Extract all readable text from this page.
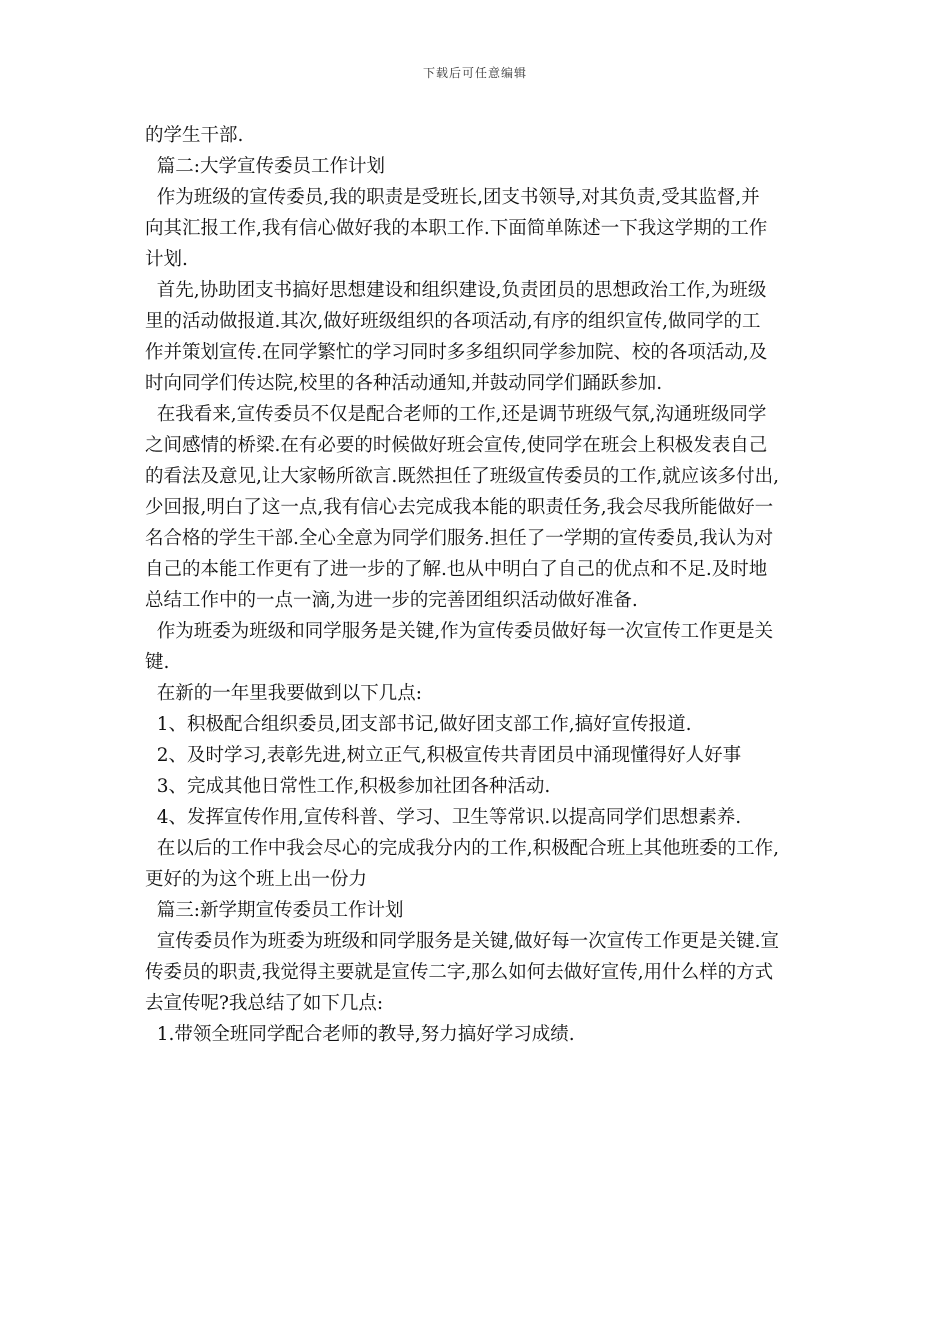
下载后可任意编辑
的学生干部.
篇二:大学宣传委员工作计划
作为班级的宣传委员,我的职责是受班长,团支书领导,对其负责,受其监督,并
向其汇报工作,我有信心做好我的本职工作.下面简单陈述一下我这学期的工作
计划.
首先,协助团支书搞好思想建设和组织建设,负责团员的思想政治工作,为班级
里的活动做报道.其次,做好班级组织的各项活动,有序的组织宣传,做同学的工
作并策划宣传.在同学繁忙的学习同时多多组织同学参加院、校的各项活动,及
时向同学们传达院,校里的各种活动通知,并鼓动同学们踊跃参加.
在我看来,宣传委员不仅是配合老师的工作,还是调节班级气氛,沟通班级同学
之间感情的桥梁.在有必要的时候做好班会宣传,使同学在班会上积极发表自己
的看法及意见,让大家畅所欲言.既然担任了班级宣传委员的工作,就应该多付出,
少回报,明白了这一点,我有信心去完成我本能的职责任务,我会尽我所能做好一
名合格的学生干部.全心全意为同学们服务.担任了一学期的宣传委员,我认为对
自己的本能工作更有了进一步的了解.也从中明白了自己的优点和不足.及时地
总结工作中的一点一滴,为进一步的完善团组织活动做好准备.
作为班委为班级和同学服务是关键,作为宣传委员做好每一次宣传工作更是关
键.
在新的一年里我要做到以下几点:
1、积极配合组织委员,团支部书记,做好团支部工作,搞好宣传报道.
2、及时学习,表彰先进,树立正气,积极宣传共青团员中涌现懂得好人好事
3、完成其他日常性工作,积极参加社团各种活动.
4、发挥宣传作用,宣传科普、学习、卫生等常识.以提高同学们思想素养.
在以后的工作中我会尽心的完成我分内的工作,积极配合班上其他班委的工作,
更好的为这个班上出一份力
篇三:新学期宣传委员工作计划
宣传委员作为班委为班级和同学服务是关键,做好每一次宣传工作更是关键.宣
传委员的职责,我觉得主要就是宣传二字,那么如何去做好宣传,用什么样的方式
去宣传呢?我总结了如下几点:
1.带领全班同学配合老师的教导,努力搞好学习成绩.
